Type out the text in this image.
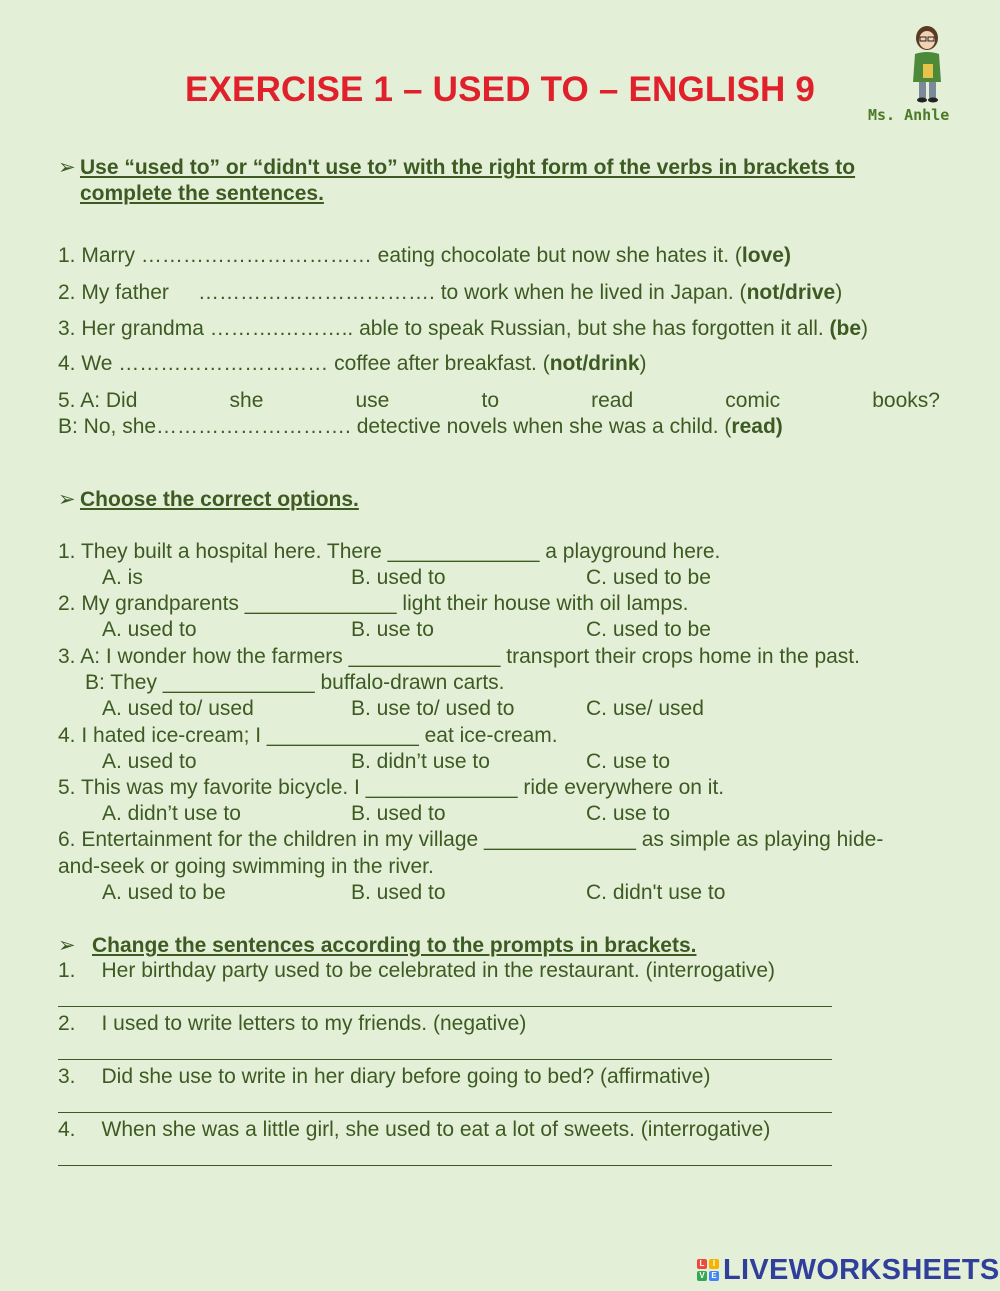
EXERCISE 1 – USED TO – ENGLISH 9
Ms. Anhle
➢ Use “used to” or “didn't use to” with the right form of the verbs in brackets to
complete the sentences.
1. Marry …………………………… eating chocolate but now she hates it. (love)
2. My father     ……………………………. to work when he lived in Japan. (not/drive)
3. Her grandma ……….……….. able to speak Russian, but she has forgotten it all. (be)
4. We ………………………… coffee after breakfast. (not/drink)
5. A: Did	she	use	to	read	comic	books?
B: No, she………………………. detective novels when she was a child. (read)
➢ Choose the correct options.
1. They built a hospital here. There _____________ a playground here.
A. is	B. used to	C. used to be
2. My grandparents _____________ light their house with oil lamps.
A. used to	B. use to	C. used to be
3. A: I wonder how the farmers _____________ transport their crops home in the past.
B: They _____________ buffalo-drawn carts.
A. used to/ used	B. use to/ used to	C. use/ used
4. I hated ice-cream; I _____________ eat ice-cream.
A. used to	B. didn’t use to	C. use to
5. This was my favorite bicycle. I _____________ ride everywhere on it.
A. didn’t use to	B. used to	C. use to
6. Entertainment for the children in my village _____________ as simple as playing hide-
and-seek or going swimming in the river.
A. used to be	B. used to	C. didn't use to
➢ Change the sentences according to the prompts in brackets.
1. Her birthday party used to be celebrated in the restaurant. (interrogative)
2. I used to write letters to my friends. (negative)
3. Did she use to write in her diary before going to bed? (affirmative)
4. When she was a little girl, she used to eat a lot of sweets. (interrogative)
L	I
V E LIVEWORKSHEETS
